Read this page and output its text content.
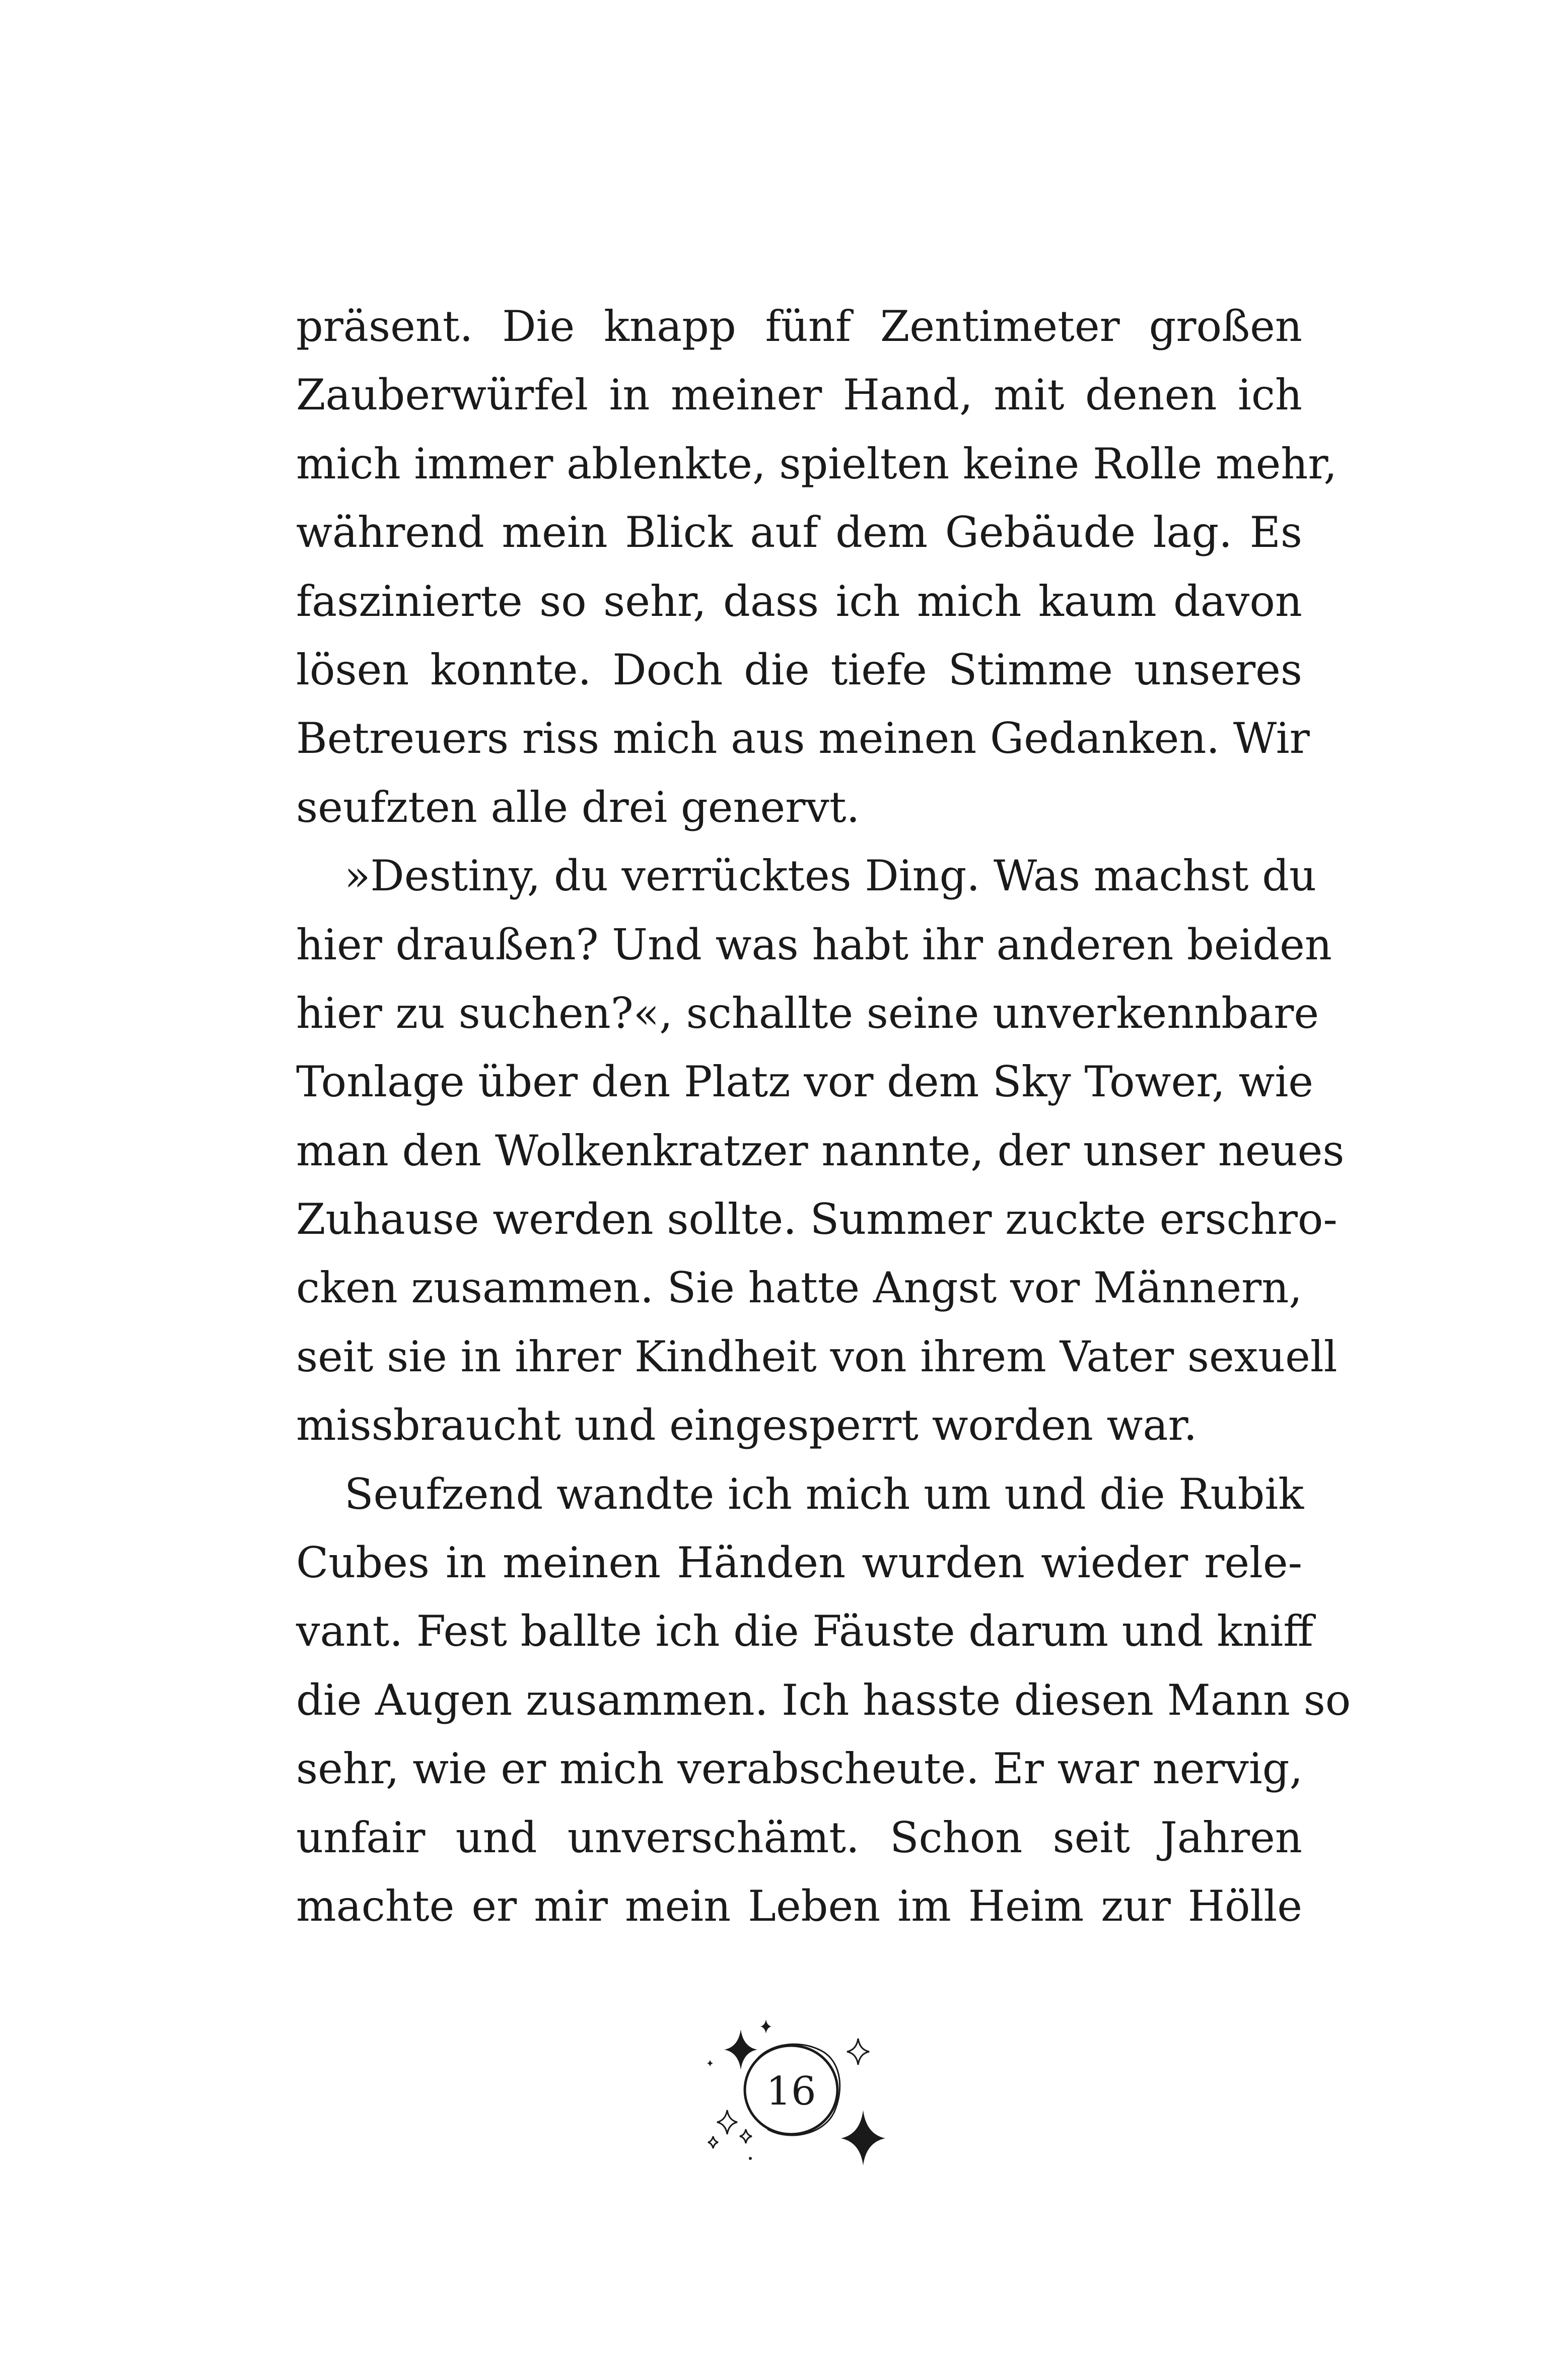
präsent. Die knapp fünf Zentimeter großen
Zauberwürfel in meiner Hand, mit denen ich
mich immer ablenkte, spielten keine Rolle mehr,
während mein Blick auf dem Gebäude lag. Es
faszinierte so sehr, dass ich mich kaum davon
lösen konnte. Doch die tiefe Stimme unseres
Betreuers riss mich aus meinen Gedanken. Wir
seufzten alle drei genervt.
»Destiny, du verrücktes Ding. Was machst du
hier draußen? Und was habt ihr anderen beiden
hier zu suchen?«, schallte seine unverkennbare
Tonlage über den Platz vor dem Sky Tower, wie
man den Wolkenkratzer nannte, der unser neues
Zuhause werden sollte. Summer zuckte erschro-
cken zusammen. Sie hatte Angst vor Männern,
seit sie in ihrer Kindheit von ihrem Vater sexuell
missbraucht und eingesperrt worden war.
Seufzend wandte ich mich um und die Rubik
Cubes in meinen Händen wurden wieder rele-
vant. Fest ballte ich die Fäuste darum und kniff
die Augen zusammen. Ich hasste diesen Mann so
sehr, wie er mich verabscheute. Er war nervig,
unfair und unverschämt. Schon seit Jahren
machte er mir mein Leben im Heim zur Hölle
16
